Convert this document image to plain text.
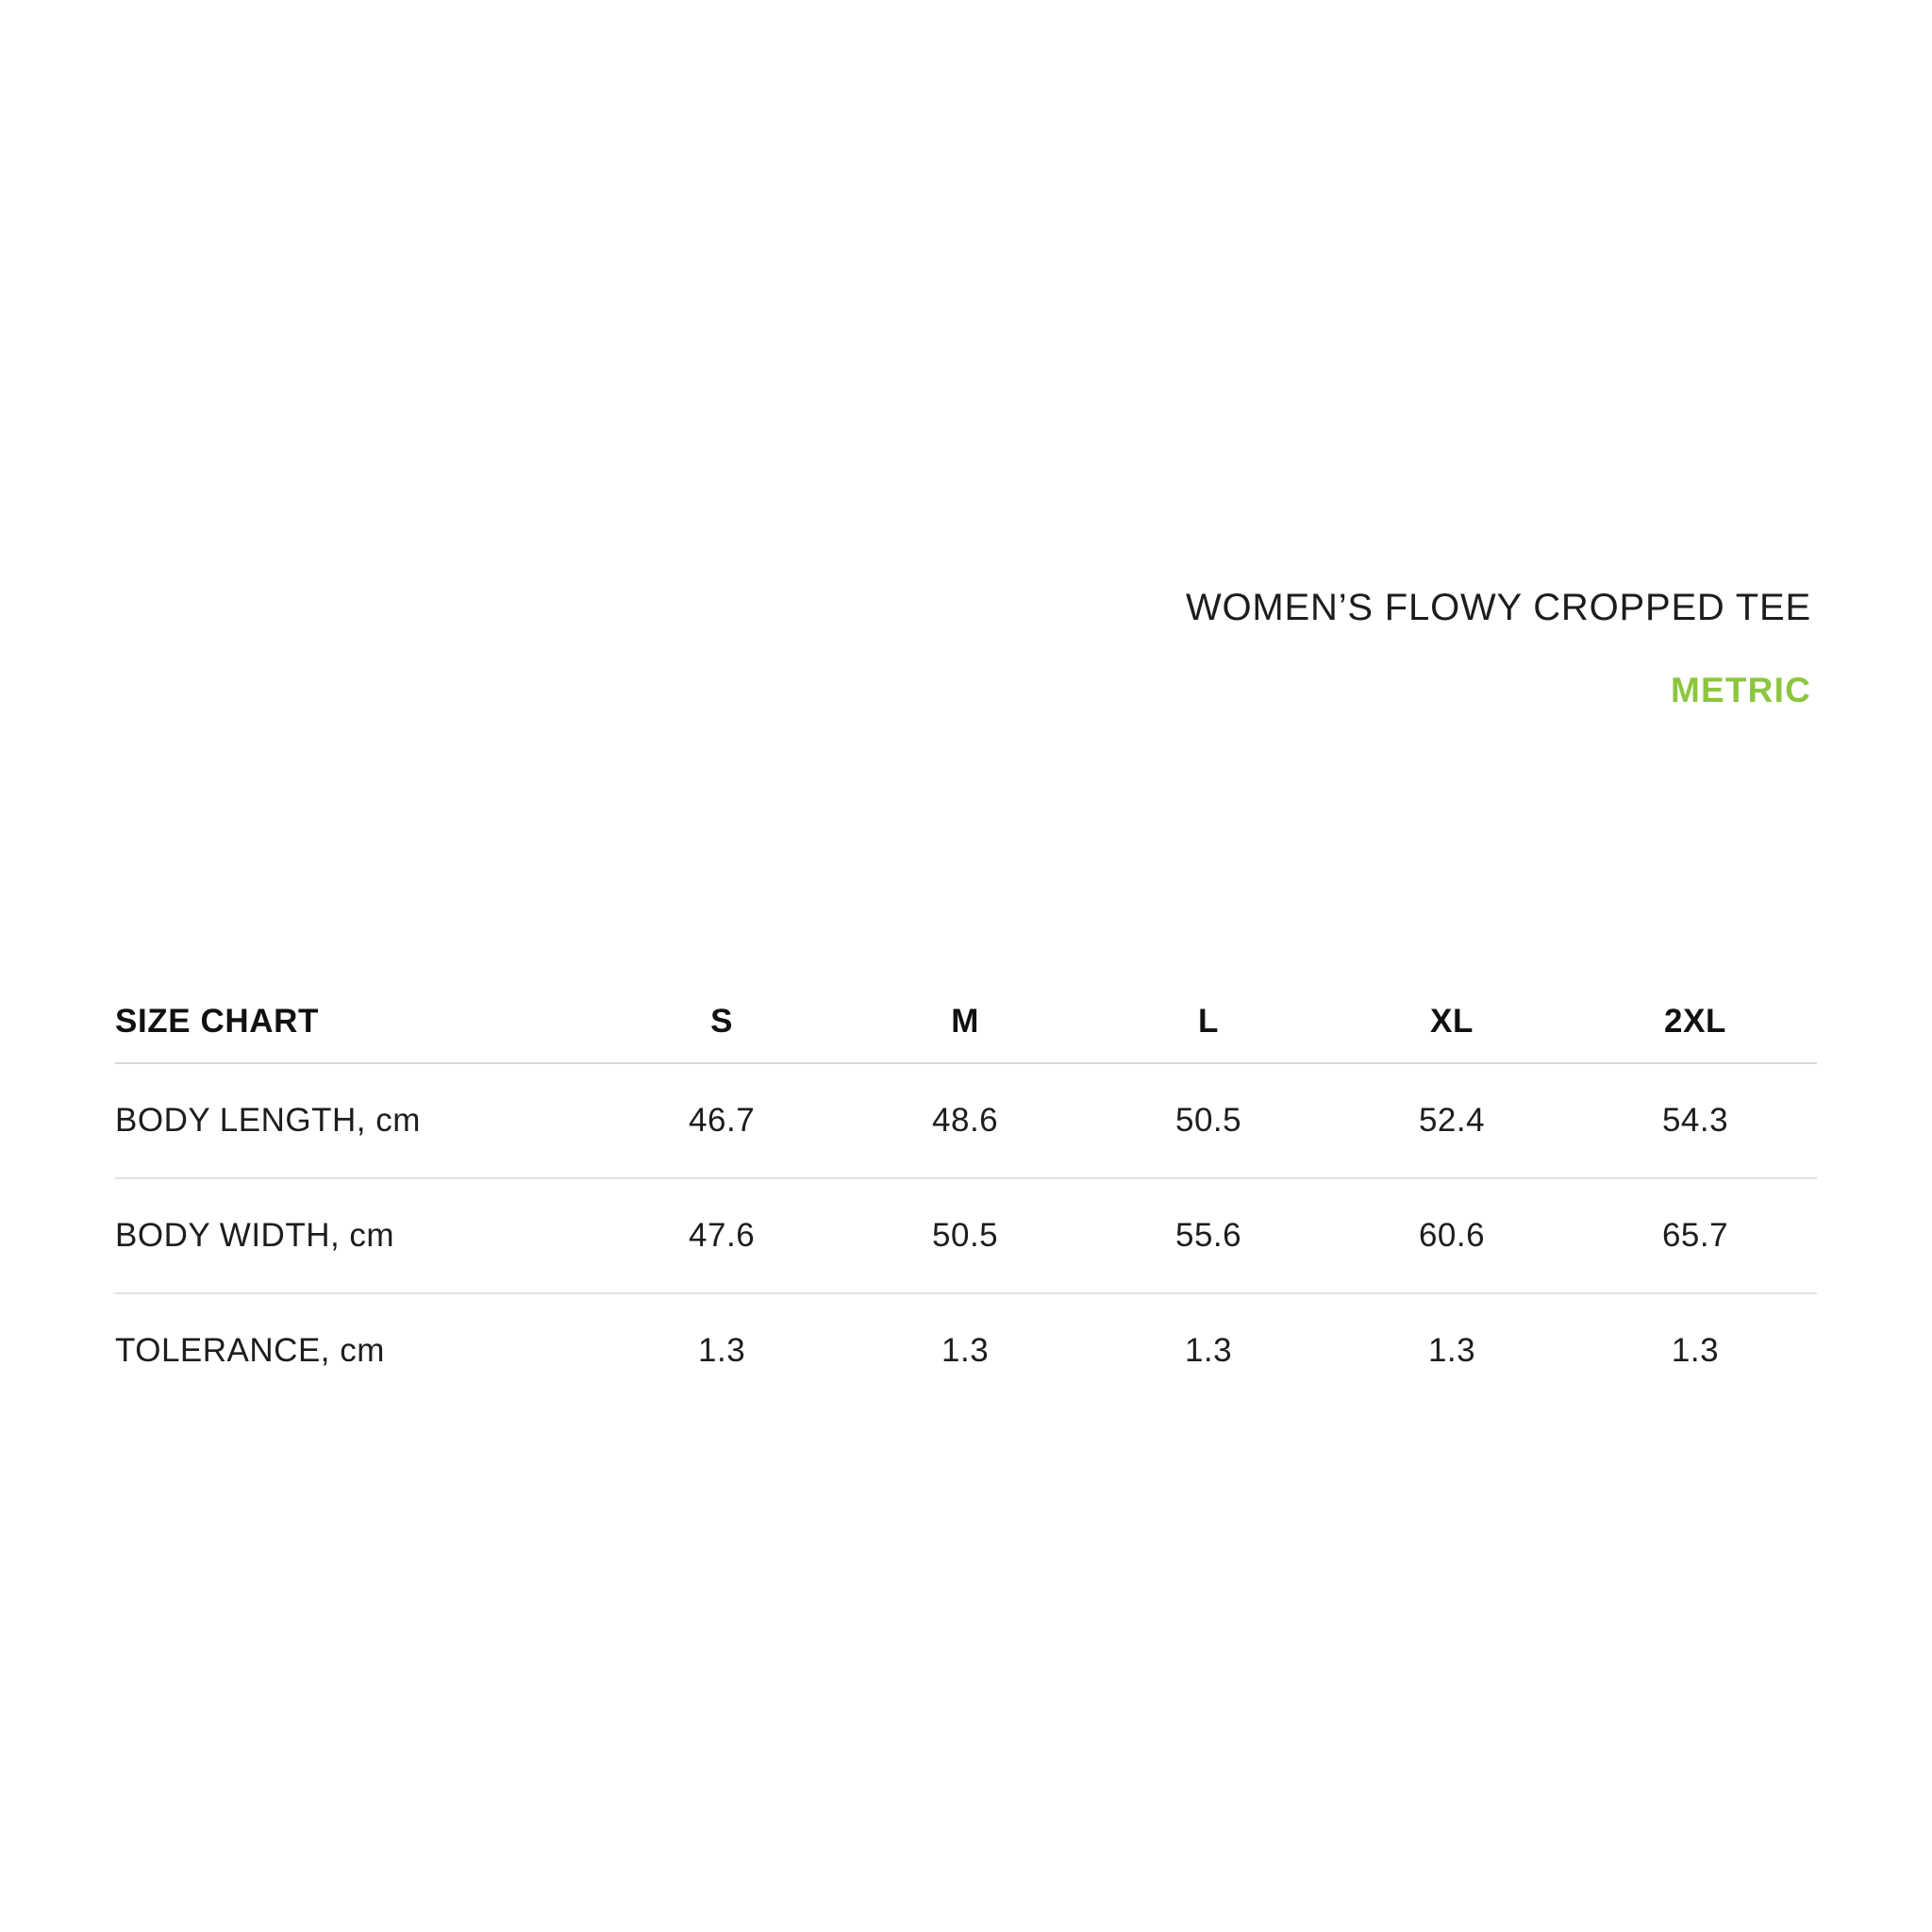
WOMEN’S FLOWY CROPPED TEE
METRIC
SIZE CHART	S	M	L	XL	2XL
BODY LENGTH, cm	46.7	48.6	50.5	52.4	54.3
BODY WIDTH, cm	47.6	50.5	55.6	60.6	65.7
TOLERANCE, cm	1.3	1.3	1.3	1.3	1.3
